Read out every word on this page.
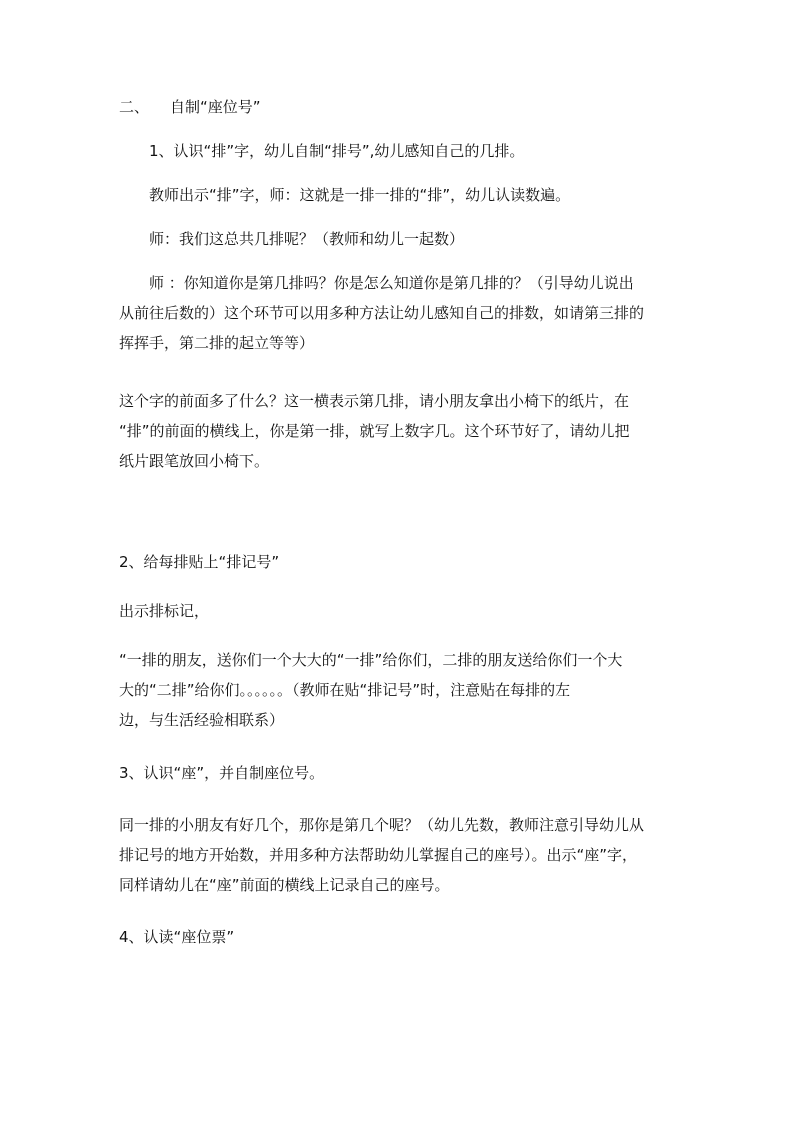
二、 自制“座位号”
1、认识“排”字，幼儿自制“排号”,幼儿感知自己的几排。
教师出示“排”字，师：这就是一排一排的“排”，幼儿认读数遍。
师：我们这总共几排呢？（教师和幼儿一起数）
师 ：你知道你是第几排吗？你是怎么知道你是第几排的？（引导幼儿说出
从前往后数的）这个环节可以用多种方法让幼儿感知自己的排数，如请第三排的
挥挥手，第二排的起立等等）
这个字的前面多了什么？这一横表示第几排，请小朋友拿出小椅下的纸片，在
“排”的前面的横线上，你是第一排，就写上数字几。这个环节好了，请幼儿把
纸片跟笔放回小椅下。
2、给每排贴上“排记号”
出示排标记，
“一排的朋友，送你们一个大大的“一排”给你们，二排的朋友送给你们一个大
大的“二排”给你们。。。。。。（教师在贴“排记号”时，注意贴在每排的左
边，与生活经验相联系）
3、认识“座”，并自制座位号。
同一排的小朋友有好几个，那你是第几个呢？（幼儿先数，教师注意引导幼儿从
排记号的地方开始数，并用多种方法帮助幼儿掌握自己的座号）。出示“座”字，
同样请幼儿在“座”前面的横线上记录自己的座号。
4、认读“座位票”
